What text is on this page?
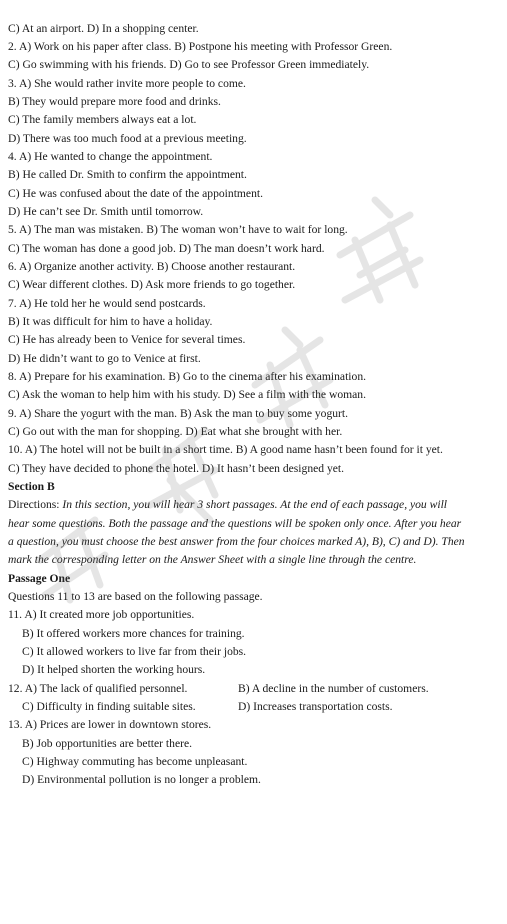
C) At an airport. D) In a shopping center.
2. A) Work on his paper after class. B) Postpone his meeting with Professor Green.
C) Go swimming with his friends. D) Go to see Professor Green immediately.
3. A) She would rather invite more people to come.
B) They would prepare more food and drinks.
C) The family members always eat a lot.
D) There was too much food at a previous meeting.
4. A) He wanted to change the appointment.
B) He called Dr. Smith to confirm the appointment.
C) He was confused about the date of the appointment.
D) He can’t see Dr. Smith until tomorrow.
5. A) The man was mistaken. B) The woman won’t have to wait for long.
C) The woman has done a good job. D) The man doesn’t work hard.
6. A) Organize another activity. B) Choose another restaurant.
C) Wear different clothes. D) Ask more friends to go together.
7. A) He told her he would send postcards.
B) It was difficult for him to have a holiday.
C) He has already been to Venice for several times.
D) He didn’t want to go to Venice at first.
8. A) Prepare for his examination. B) Go to the cinema after his examination.
C) Ask the woman to help him with his study. D) See a film with the woman.
9. A) Share the yogurt with the man. B) Ask the man to buy some yogurt.
C) Go out with the man for shopping. D) Eat what she brought with her.
10. A) The hotel will not be built in a short time. B) A good name hasn’t been found for it yet.
C) They have decided to phone the hotel. D) It hasn’t been designed yet.
Section B
Directions: In this section, you will hear 3 short passages. At the end of each passage, you will
hear some questions. Both the passage and the questions will be spoken only once. After you hear
a question, you must choose the best answer from the four choices marked A), B), C) and D). Then
mark the corresponding letter on the Answer Sheet with a single line through the centre.
Passage One
Questions 11 to 13 are based on the following passage.
11. A) It created more job opportunities.
B) It offered workers more chances for training.
C) It allowed workers to live far from their jobs.
D) It helped shorten the working hours.
12. A) The lack of qualified personnel.	B) A decline in the number of customers.
C) Difficulty in finding suitable sites.	D) Increases transportation costs.
13. A) Prices are lower in downtown stores.
B) Job opportunities are better there.
C) Highway commuting has become unpleasant.
D) Environmental pollution is no longer a problem.
